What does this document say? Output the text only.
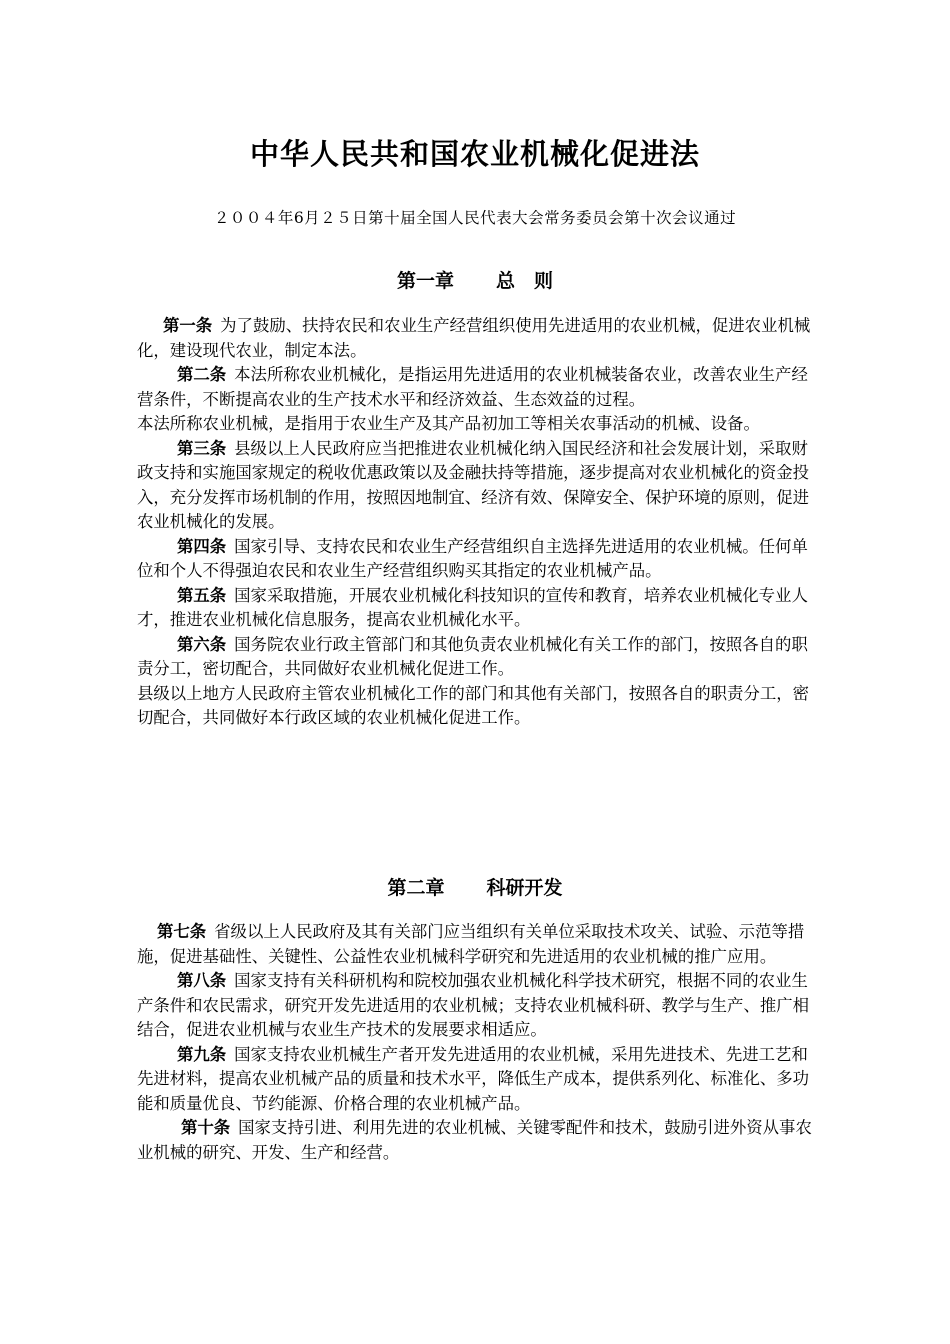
中华人民共和国农业机械化促进法
２００４年6月２５日第十届全国人民代表大会常务委员会第十次会议通过
第一章 总　则

第一条 为了鼓励、扶持农民和农业生产经营组织使用先进适用的农业机械，促进农业机械化，建设现代农业，制定本法。

第二条 本法所称农业机械化，是指运用先进适用的农业机械装备农业，改善农业生产经营条件，不断提高农业的生产技术水平和经济效益、生态效益的过程。

本法所称农业机械，是指用于农业生产及其产品初加工等相关农事活动的机械、设备。

第三条 县级以上人民政府应当把推进农业机械化纳入国民经济和社会发展计划，采取财政支持和实施国家规定的税收优惠政策以及金融扶持等措施，逐步提高对农业机械化的资金投入，充分发挥市场机制的作用，按照因地制宜、经济有效、保障安全、保护环境的原则，促进农业机械化的发展。

第四条 国家引导、支持农民和农业生产经营组织自主选择先进适用的农业机械。任何单位和个人不得强迫农民和农业生产经营组织购买其指定的农业机械产品。

第五条 国家采取措施，开展农业机械化科技知识的宣传和教育，培养农业机械化专业人才，推进农业机械化信息服务，提高农业机械化水平。

第六条 国务院农业行政主管部门和其他负责农业机械化有关工作的部门，按照各自的职责分工，密切配合，共同做好农业机械化促进工作。

县级以上地方人民政府主管农业机械化工作的部门和其他有关部门，按照各自的职责分工，密切配合，共同做好本行政区域的农业机械化促进工作。

第二章 科研开发

第七条 省级以上人民政府及其有关部门应当组织有关单位采取技术攻关、试验、示范等措施，促进基础性、关键性、公益性农业机械科学研究和先进适用的农业机械的推广应用。

第八条 国家支持有关科研机构和院校加强农业机械化科学技术研究，根据不同的农业生产条件和农民需求，研究开发先进适用的农业机械；支持农业机械科研、教学与生产、推广相结合，促进农业机械与农业生产技术的发展要求相适应。

第九条 国家支持农业机械生产者开发先进适用的农业机械，采用先进技术、先进工艺和先进材料，提高农业机械产品的质量和技术水平，降低生产成本，提供系列化、标准化、多功能和质量优良、节约能源、价格合理的农业机械产品。

第十条 国家支持引进、利用先进的农业机械、关键零配件和技术，鼓励引进外资从事农业机械的研究、开发、生产和经营。
